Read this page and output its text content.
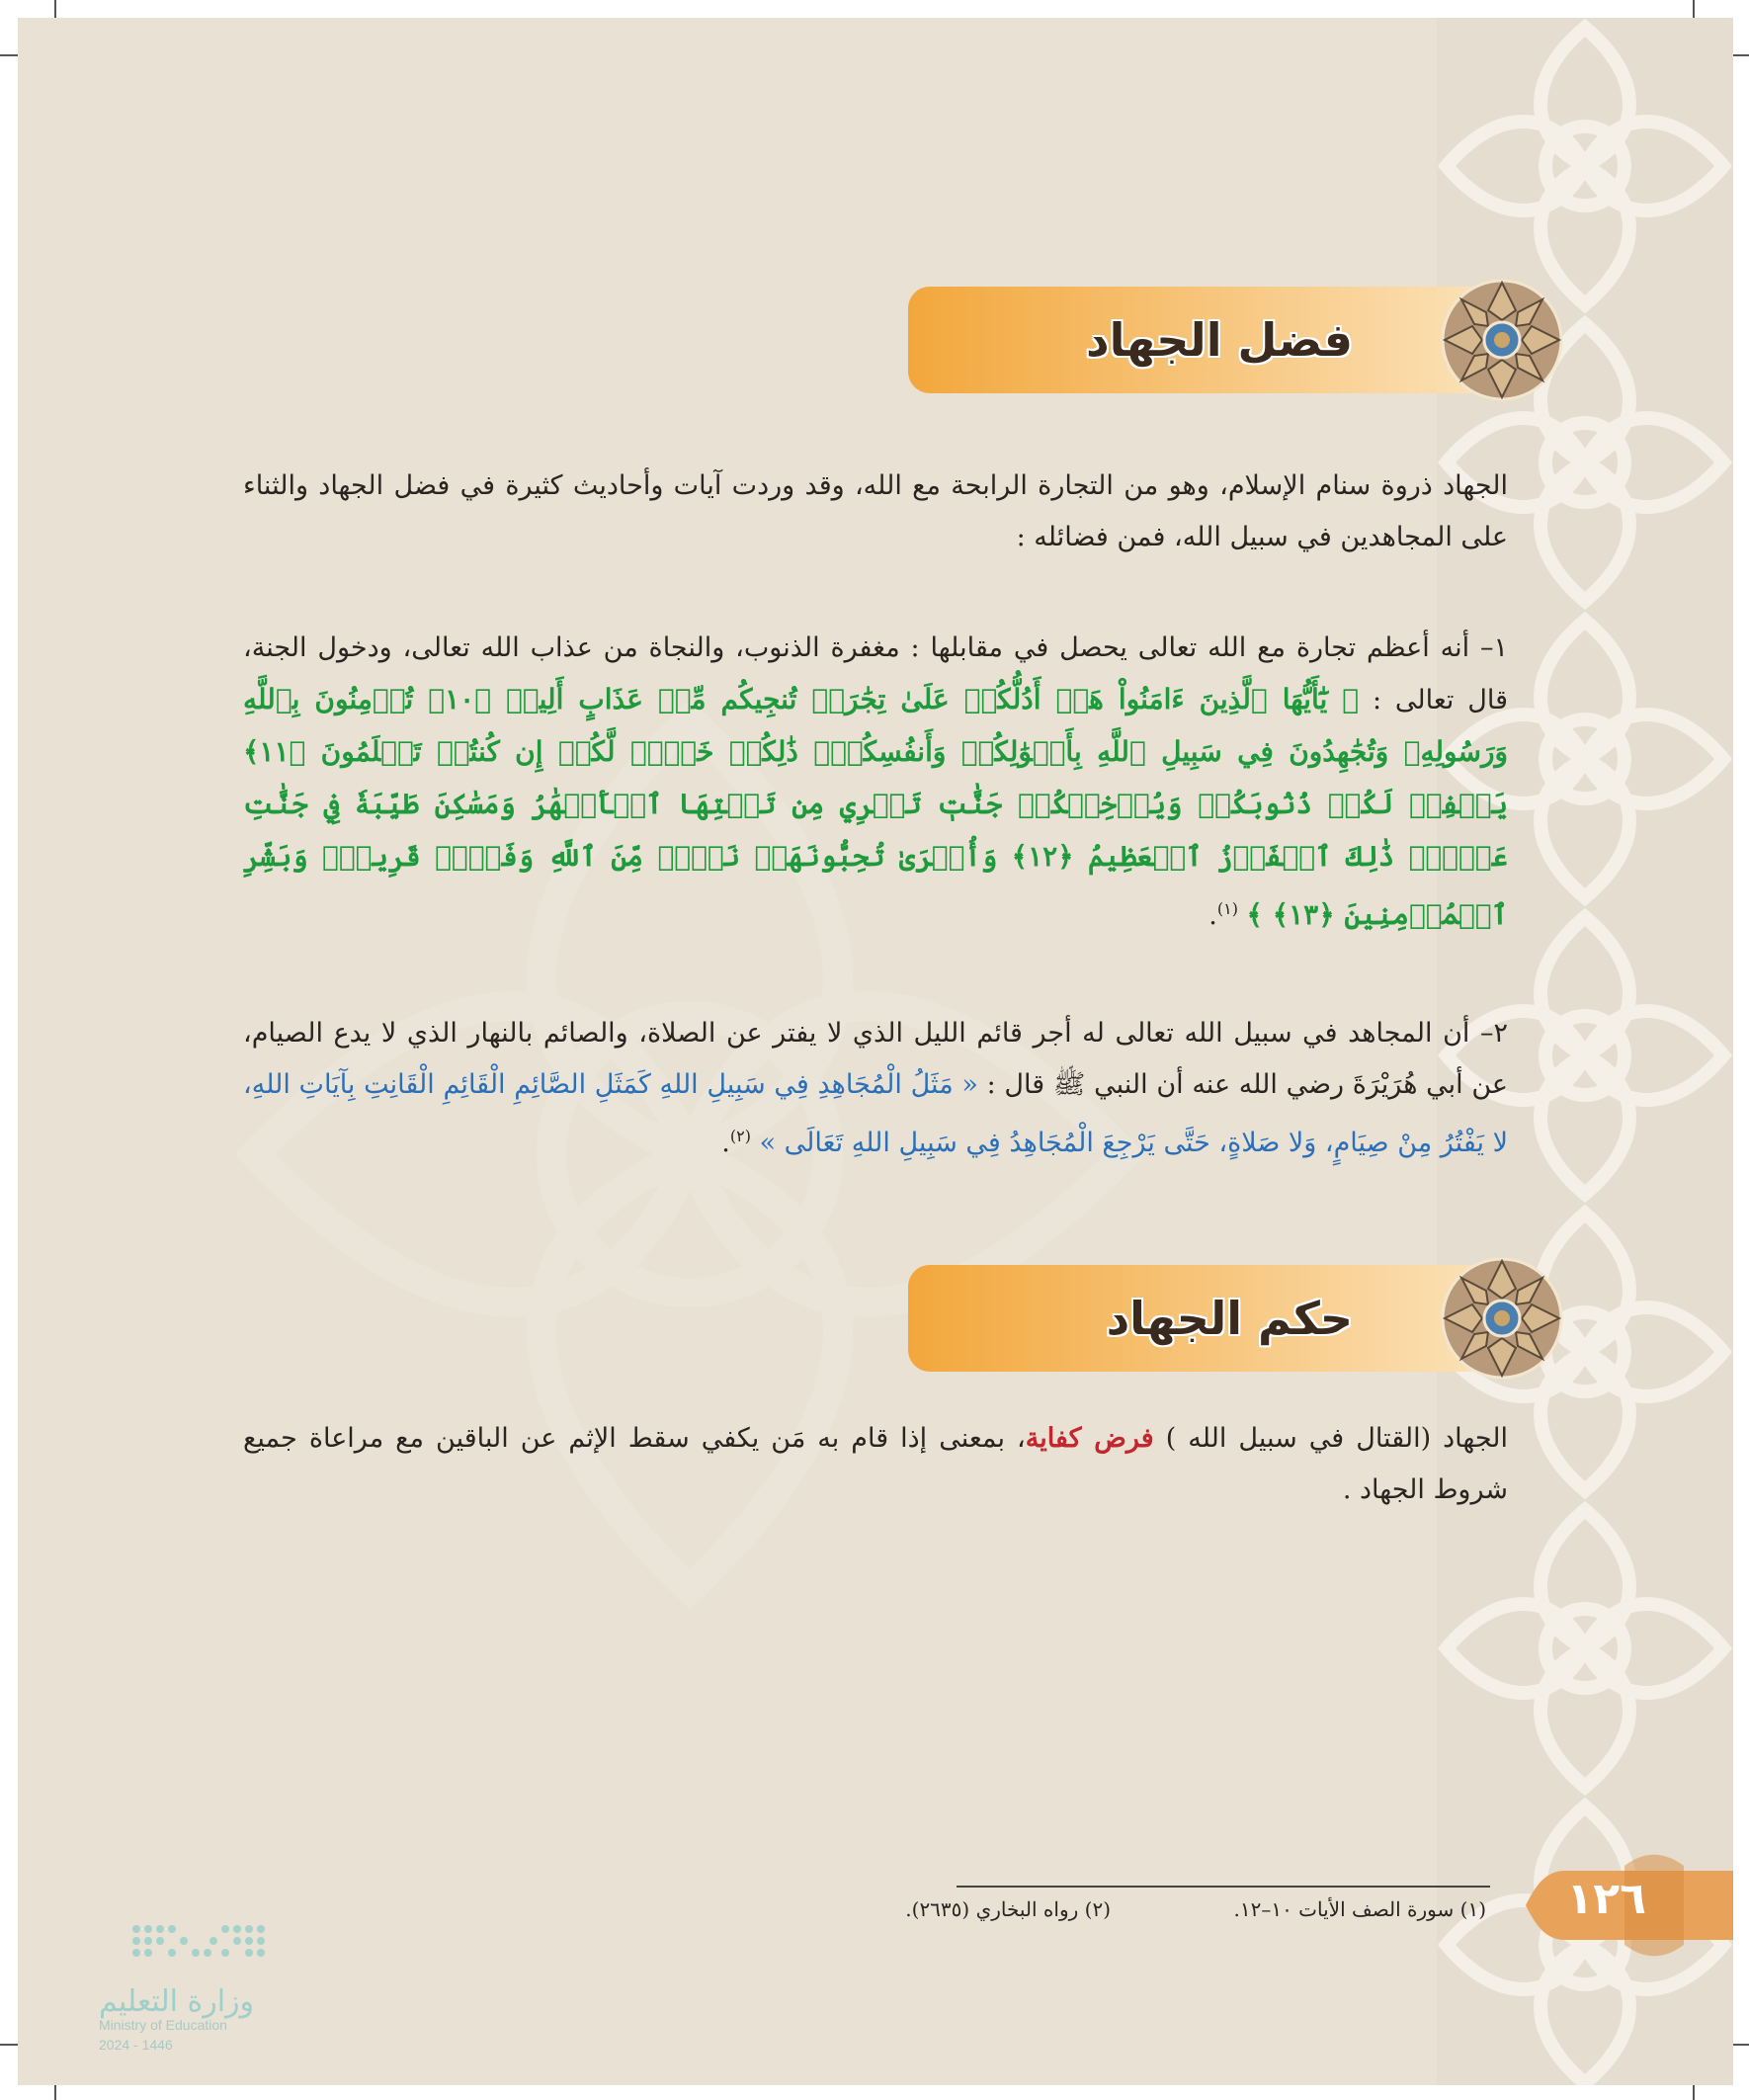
فضل الجهاد
الجهاد ذروة سنام الإسلام، وهو من التجارة الرابحة مع الله، وقد وردت آيات وأحاديث كثيرة في فضل الجهاد والثناء على المجاهدين في سبيل الله، فمن فضائله :
١– أنه أعظم تجارة مع الله تعالى يحصل في مقابلها : مغفرة الذنوب، والنجاة من عذاب الله تعالى، ودخول الجنة، قال تعالى : ﴿ يَٰٓأَيُّهَا ٱلَّذِينَ ءَامَنُواْ هَلۡ أَدُلُّكُمۡ عَلَىٰ تِجَٰرَةٖ تُنجِيكُم مِّنۡ عَذَابٍ أَلِيمٖ ﴿١٠﴾ تُؤۡمِنُونَ بِٱللَّهِ وَرَسُولِهِۦ وَتُجَٰهِدُونَ فِي سَبِيلِ ٱللَّهِ بِأَمۡوَٰلِكُمۡ وَأَنفُسِكُمۡۚ ذَٰلِكُمۡ خَيۡرٞ لَّكُمۡ إِن كُنتُمۡ تَعۡلَمُونَ ﴿١١﴾ يَغۡفِرۡ لَكُمۡ ذُنُوبَكُمۡ وَيُدۡخِلۡكُمۡ جَنَّٰتٖ تَجۡرِي مِن تَحۡتِهَا ٱلۡأَنۡهَٰرُ وَمَسَٰكِنَ طَيِّبَةٗ فِي جَنَّٰتِ عَدۡنٖۚ ذَٰلِكَ ٱلۡفَوۡزُ ٱلۡعَظِيمُ ﴿١٢﴾ وَأُخۡرَىٰ تُحِبُّونَهَاۖ نَصۡرٞ مِّنَ ٱللَّهِ وَفَتۡحٞ قَرِيبٞۗ وَبَشِّرِ ٱلۡمُؤۡمِنِينَ ﴿١٣﴾ ﴾ $^{(١)}$.
٢– أن المجاهد في سبيل الله تعالى له أجر قائم الليل الذي لا يفتر عن الصلاة، والصائم بالنهار الذي لا يدع الصيام، عن أبي هُرَيْرَةَ رضي الله عنه أن النبي ﷺ قال : « مَثَلُ الْمُجَاهِدِ فِي سَبِيلِ اللهِ كَمَثَلِ الصَّائِمِ الْقَائِمِ الْقَانِتِ بِآيَاتِ اللهِ، لا يَفْتُرُ مِنْ صِيَامٍ، وَلا صَلاةٍ، حَتَّى يَرْجِعَ الْمُجَاهِدُ فِي سَبِيلِ اللهِ تَعَالَى » $^{(٢)}$.
حكم الجهاد
الجهاد (القتال في سبيل الله ) فرض كفاية، بمعنى إذا قام به مَن يكفي سقط الإثم عن الباقين مع مراعاة جميع شروط الجهاد .
(١) سورة الصف الأيات ١٠–١٢.
(٢) رواه البخاري (٢٦٣٥).	١٢٦
وزارة التعليم
Ministry of Education
2024 - 1446
